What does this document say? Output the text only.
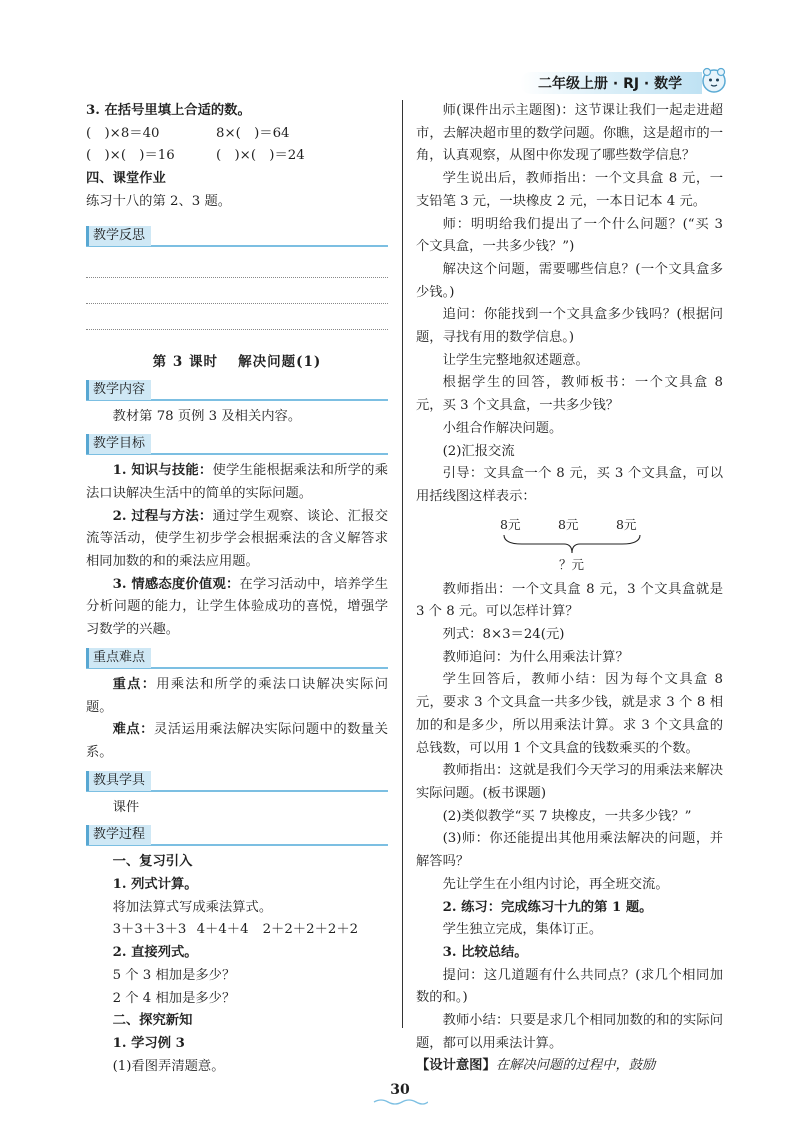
二年级上册 · RJ · 数学

3. 在括号里填上合适的数。

(　)×8＝40	8×(　)＝64
(　)×(　)＝16	(　)×(　)＝24

四、课堂作业

练习十八的第 2、3 题。

教学反思
第 3 课时　 解决问题(1)
教学内容

教材第 78 页例 3 及相关内容。

教学目标

1. 知识与技能：使学生能根据乘法和所学的乘法口诀解决生活中的简单的实际问题。

2. 过程与方法：通过学生观察、谈论、汇报交流等活动，使学生初步学会根据乘法的含义解答求相同加数的和的乘法应用题。

3. 情感态度价值观：在学习活动中，培养学生分析问题的能力，让学生体验成功的喜悦，增强学习数学的兴趣。

重点难点

重点：用乘法和所学的乘法口诀解决实际问题。

难点：灵活运用乘法解决实际问题中的数量关系。

教具学具

课件

教学过程

一、复习引入

1. 列式计算。

将加法算式写成乘法算式。

3＋3＋3＋3 4＋4＋4	2＋2＋2＋2＋2

2. 直接列式。

5 个 3 相加是多少？

2 个 4 相加是多少？

二、探究新知

1. 学习例 3

(1)看图弄清题意。

师(课件出示主题图)：这节课让我们一起走进超市，去解决超市里的数学问题。你瞧，这是超市的一角，认真观察，从图中你发现了哪些数学信息？

学生说出后，教师指出：一个文具盒 8 元，一支铅笔 3 元，一块橡皮 2 元，一本日记本 4 元。

师：明明给我们提出了一个什么问题？(“买 3 个文具盒，一共多少钱？”)

解决这个问题，需要哪些信息？(一个文具盒多少钱。)

追问：你能找到一个文具盒多少钱吗？(根据问题，寻找有用的数学信息。)

让学生完整地叙述题意。

根据学生的回答，教师板书：一个文具盒 8 元，买 3 个文具盒，一共多少钱？

小组合作解决问题。

(2)汇报交流

引导：文具盒一个 8 元，买 3 个文具盒，可以用括线图这样表示：

8元	8元	8元
？元

教师指出：一个文具盒 8 元，3 个文具盒就是 3 个 8 元。可以怎样计算？

列式：8×3＝24(元)

教师追问：为什么用乘法计算？

学生回答后，教师小结：因为每个文具盒 8 元，要求 3 个文具盒一共多少钱，就是求 3 个 8 相加的和是多少，所以用乘法计算。求 3 个文具盒的总钱数，可以用 1 个文具盒的钱数乘买的个数。

教师指出：这就是我们今天学习的用乘法来解决实际问题。(板书课题)

(2)类似教学“买 7 块橡皮，一共多少钱？”

(3)师：你还能提出其他用乘法解决的问题，并解答吗？

先让学生在小组内讨论，再全班交流。

2. 练习：完成练习十九的第 1 题。

学生独立完成，集体订正。

3. 比较总结。

提问：这几道题有什么共同点？(求几个相同加数的和。)

教师小结：只要是求几个相同加数的和的实际问题，都可以用乘法计算。

【设计意图】在解决问题的过程中，鼓励

30
